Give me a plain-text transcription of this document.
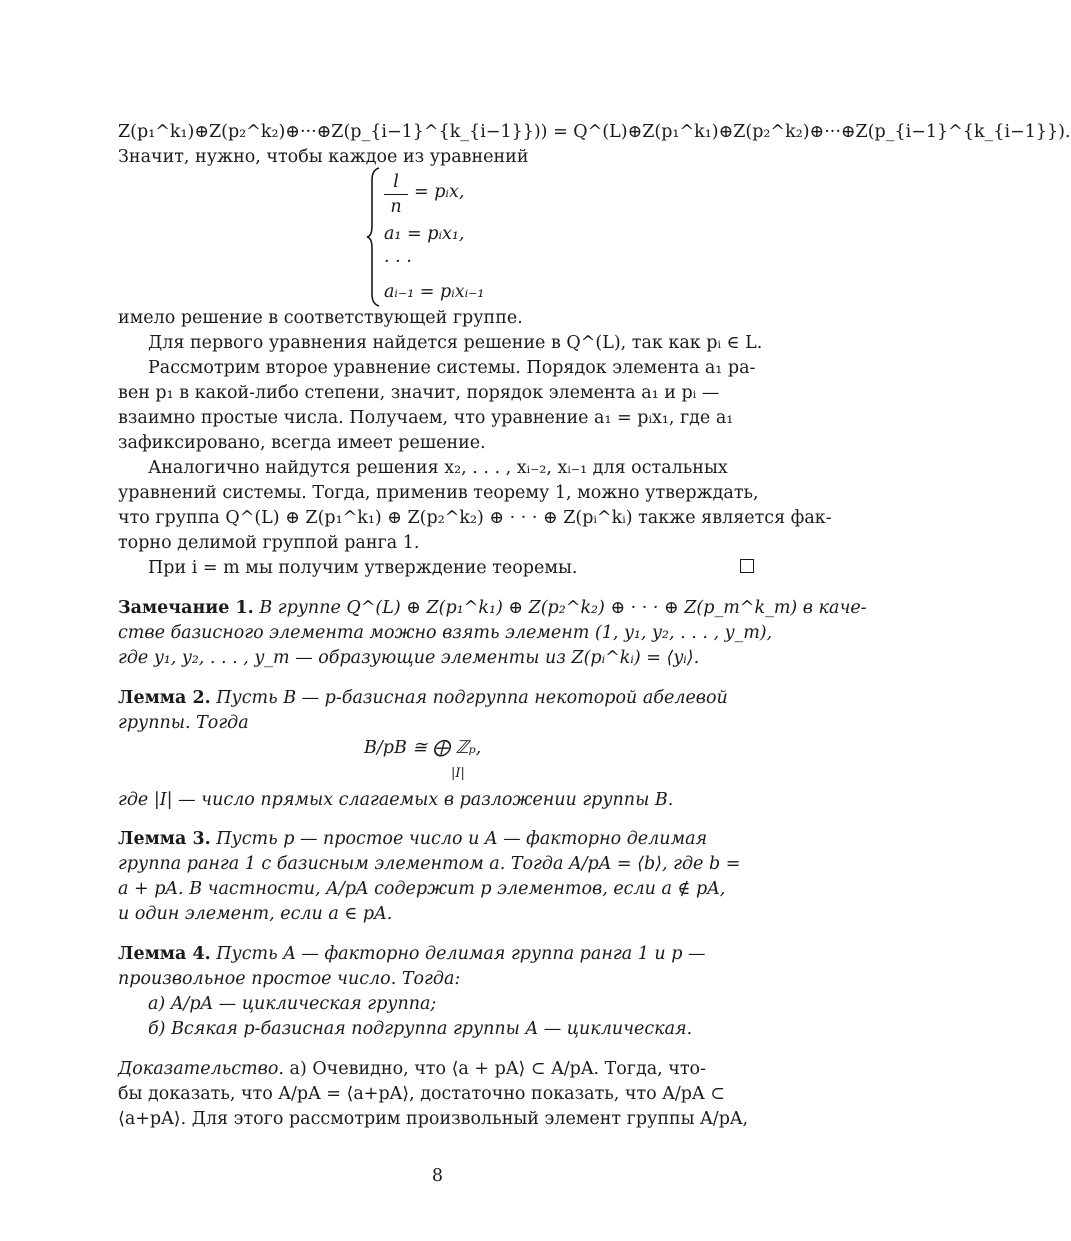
Z(p₁^k₁)⊕Z(p₂^k₂)⊕···⊕Z(p_{i−1}^{k_{i−1}})) = Q^(L)⊕Z(p₁^k₁)⊕Z(p₂^k₂)⊕···⊕Z(p_{i−1}^{k_{i−1}}).
Значит, нужно, чтобы каждое из уравнений
l
n
= pᵢx,
a₁ = pᵢx₁,
· · ·
aᵢ₋₁ = pᵢxᵢ₋₁
имело решение в соответствующей группе.
Для первого уравнения найдется решение в Q^(L), так как pᵢ ∈ L.
Рассмотрим второе уравнение системы. Порядок элемента a₁ ра-
вен p₁ в какой-либо степени, значит, порядок элемента a₁ и pᵢ —
взаимно простые числа. Получаем, что уравнение a₁ = pᵢx₁, где a₁
зафиксировано, всегда имеет решение.
Аналогично найдутся решения x₂, . . . , xᵢ₋₂, xᵢ₋₁ для остальных
уравнений системы. Тогда, применив теорему 1, можно утверждать,
что группа Q^(L) ⊕ Z(p₁^k₁) ⊕ Z(p₂^k₂) ⊕ · · · ⊕ Z(pᵢ^kᵢ) также является фак-
торно делимой группой ранга 1.
При i = m мы получим утверждение теоремы.
Замечание 1. В группе Q^(L) ⊕ Z(p₁^k₁) ⊕ Z(p₂^k₂) ⊕ · · · ⊕ Z(p_m^k_m) в каче-
стве базисного элемента можно взять элемент (1, y₁, y₂, . . . , y_m),
где y₁, y₂, . . . , y_m — образующие элементы из Z(pᵢ^kᵢ) = ⟨yᵢ⟩.
Лемма 2. Пусть B — p-базисная подгруппа некоторой абелевой
группы. Тогда
B/pB ≅ ⨁ ℤₚ,
|I|
где |I| — число прямых слагаемых в разложении группы B.
Лемма 3. Пусть p — простое число и A — факторно делимая
группа ранга 1 с базисным элементом a. Тогда A/pA = ⟨b⟩, где b =
a + pA. В частности, A/pA содержит p элементов, если a ∉ pA,
и один элемент, если a ∈ pA.
Лемма 4. Пусть A — факторно делимая группа ранга 1 и p —
произвольное простое число. Тогда:
а) A/pA — циклическая группа;
б) Всякая p-базисная подгруппа группы A — циклическая.
Доказательство. а) Очевидно, что ⟨a + pA⟩ ⊂ A/pA. Тогда, что-
бы доказать, что A/pA = ⟨a+pA⟩, достаточно показать, что A/pA ⊂
⟨a+pA⟩. Для этого рассмотрим произвольный элемент группы A/pA,
8
